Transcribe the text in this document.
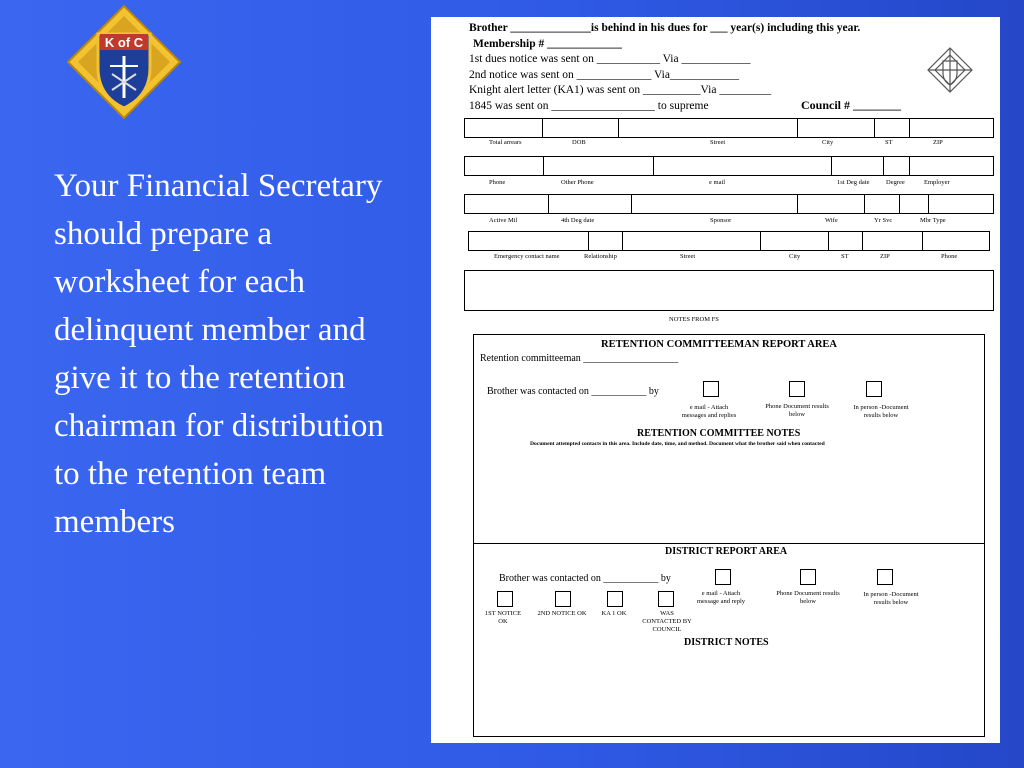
K of C
Your Financial Secretary should prepare a worksheet for each delinquent member and give it to the retention chairman for distribution to the retention team members
Brother ______________is behind in his dues for ___ year(s) including this year.
Membership # _____________
1st dues notice was sent on ___________ Via ____________
2nd notice was sent on _____________ Via____________
Knight alert letter (KA1) was sent on __________Via _________
1845 was sent on __________________ to supreme	Council # ________
Total arrears	DOB	Street	City	ST	ZIP
Phone	Other Phone	e mail	1st Deg date	Degree	Employer
Active Mil	4th Deg date	Sponsor	Wife	Yr Svc	Mbr Type
Emergency contact name	Relationship	Street	City	ST	ZIP	Phone
NOTES FROM FS
RETENTION COMMITTEEMAN REPORT AREA
Retention committeeman ___________________
Brother was contacted on ___________ by
e mail - Attach messages and replies
Phone Document results below
In person -Document results below
RETENTION COMMITTEE NOTES
Document attempted contacts in this area. Include date, time, and method. Document what the brother said when contacted
DISTRICT REPORT AREA
Brother was contacted on ___________ by
e mail - Attach message and reply
Phone Document results below
In person -Document results below
1ST NOTICE OK
2ND NOTICE OK	KA 1 OK	WAS CONTACTED BY COUNCIL
DISTRICT NOTES
